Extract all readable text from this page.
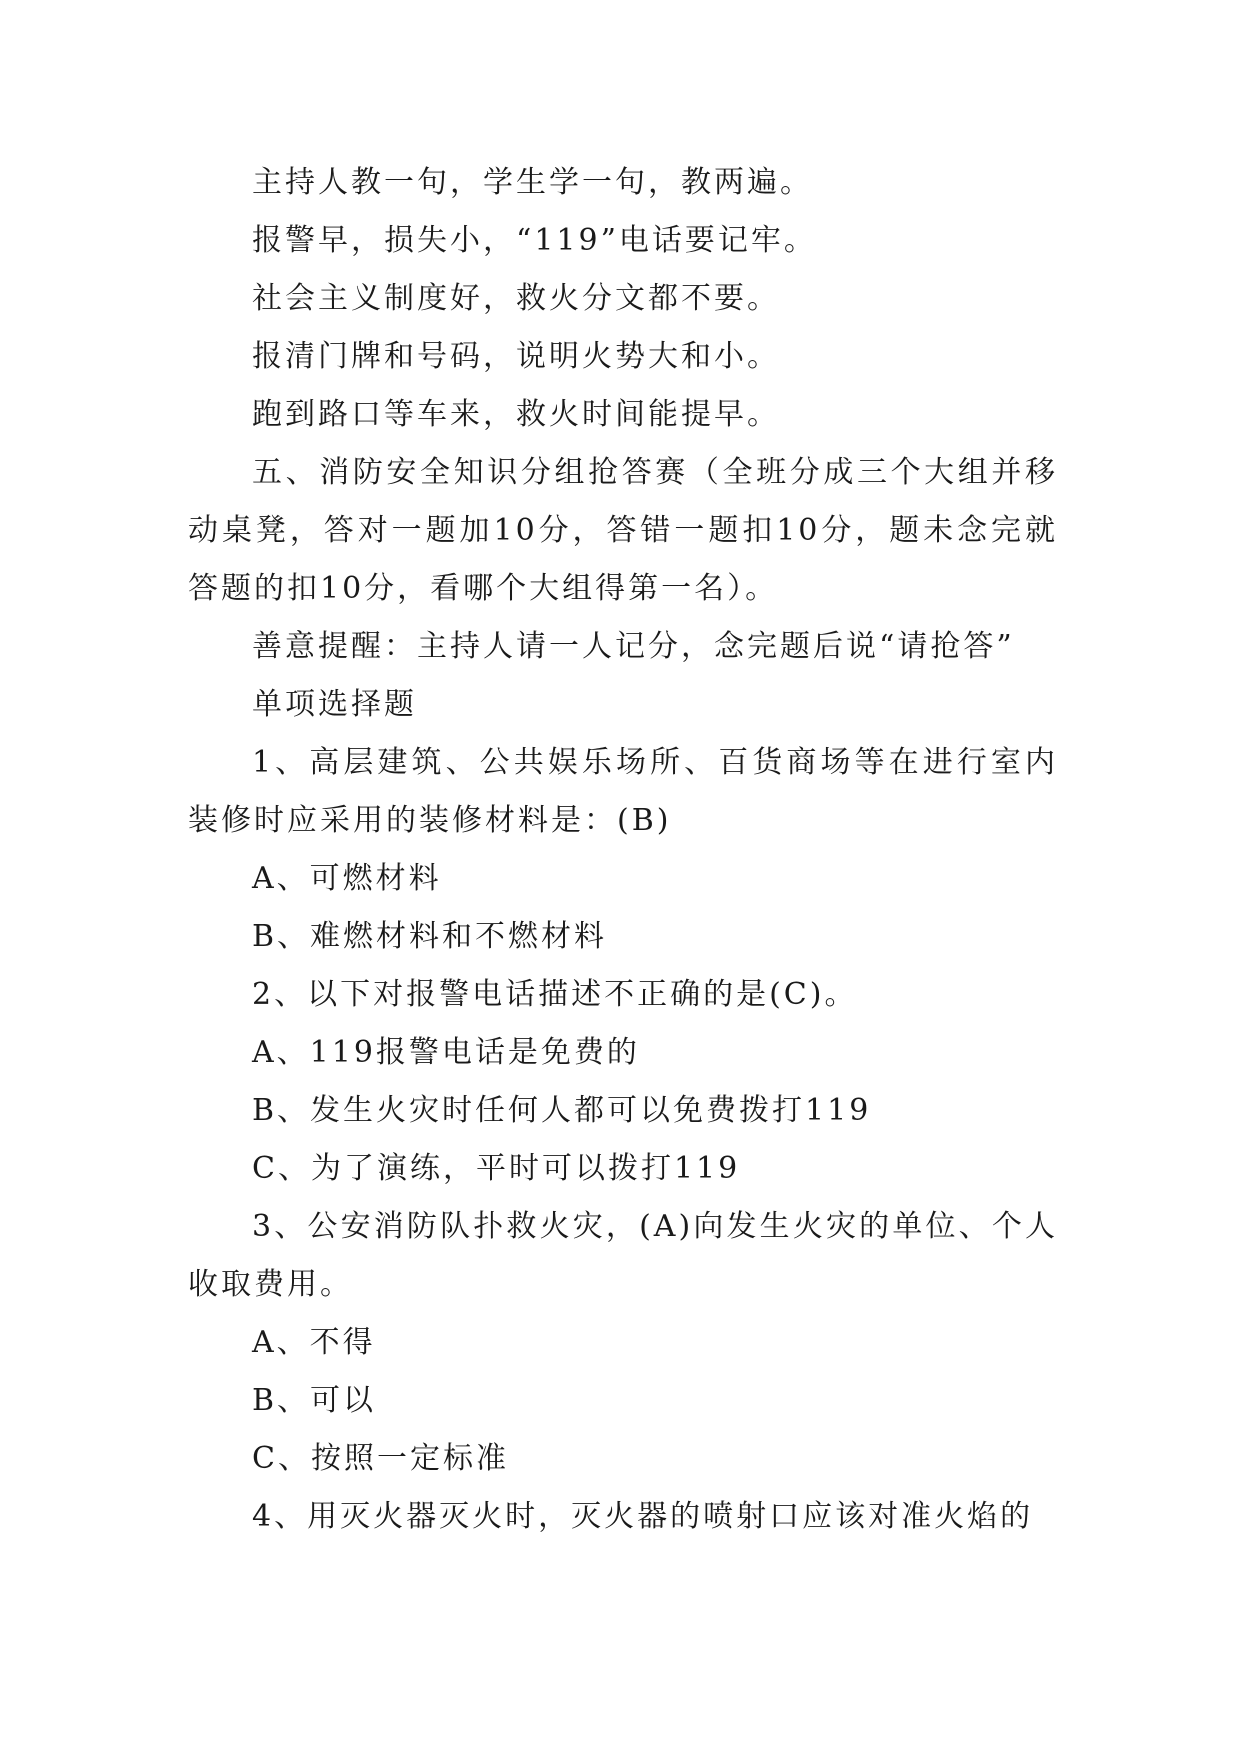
主持人教一句，学生学一句，教两遍。

报警早，损失小，“119”电话要记牢。

社会主义制度好，救火分文都不要。

报清门牌和号码，说明火势大和小。

跑到路口等车来，救火时间能提早。

五、消防安全知识分组抢答赛（全班分成三个大组并移动桌凳，答对一题加10分，答错一题扣10分，题未念完就答题的扣10分，看哪个大组得第一名）。

善意提醒：主持人请一人记分，念完题后说“请抢答”

单项选择题

1、高层建筑、公共娱乐场所、百货商场等在进行室内装修时应采用的装修材料是：(B)

A、可燃材料

B、难燃材料和不燃材料

2、以下对报警电话描述不正确的是(C)。

A、119报警电话是免费的

B、发生火灾时任何人都可以免费拨打119

C、为了演练，平时可以拨打119

3、公安消防队扑救火灾，(A)向发生火灾的单位、个人收取费用。

A、不得

B、可以

C、按照一定标准

4、用灭火器灭火时，灭火器的喷射口应该对准火焰的
